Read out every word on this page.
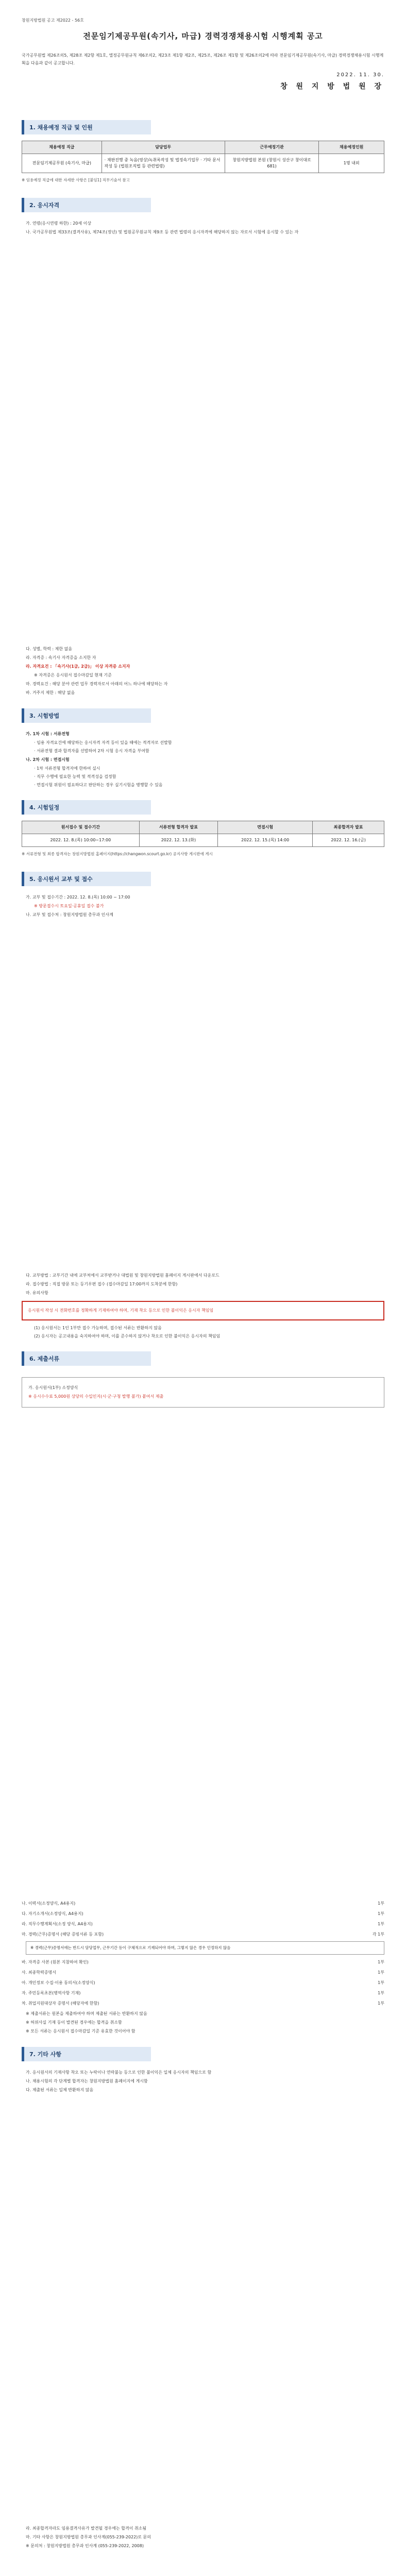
창원지방법원 공고 제2022 - 56호
전문임기제공무원(속기사, 마급) 경력경쟁채용시험 시행계획 공고
국가공무원법 제26조의5, 제28조 제2항 제1호, 엘정공무원규칙 제6조의2, 제23조 제1항 제2조, 제25조, 제26조 제1항 및 제26조의2에 따라 전문임기제공무원(속기사, 마급) 경력경쟁채용시험 시행계획을 다음과 같이 공고합니다.
2022. 11. 30.
창 원 지 방 법 원 장
1. 채용예정 직급 및 인원
채용예정 직급	담당업무	근무예정기관	채용예정인원
전문임기제공무원 (속기사, 마급)	· 재판진행 중 녹음(영상)녹취록작성 및 법정속기업무 · 기타 문서작성 등 (법원조직법 등 관련법령)	창원지방법원 본원 (창원시 성산구 창이대로 681)	1명 내외
※ 임용예정 직급에 대한 자세한 사항은 [붙임1] 직무기술서 참고
2. 응시자격
가. 연령(응시연령 하한) : 20세 이상
나. 국가공무원법 제33조(결격사유), 제74조(정년) 및 법원공무원규칙 제9조 등 관련 법령의 응시자격에 해당하지 않는 자로서 시험에 응시할 수 있는 자
다. 성별, 학력 : 제한 없음
라. 자격증 : 속기사 자격증을 소지한 자
라. 자격요건 : 「속기사(1급, 2급)」 이상 자격증 소지자
※ 자격증은 응시원서 접수마감일 현재 기준
마. 경력요건 : 해당 분야 관련 업무 경력자로서 아래의 어느 하나에 해당하는 자
바. 거주지 제한 : 해당 없음
3. 시험방법
가. 1차 시험 : 서류전형
· 임용 자격요건에 해당하는 응시자격 자격 등이 있을 때에는 적격자로 선발함
· 서류전형 결과 합격자를 선발하여 2차 시험 응시 자격을 부여함
나. 2차 시험 : 면접시험
· 1차 서류전형 합격자에 한하여 실시
· 직무 수행에 필요한 능력 및 적격성을 검정함
· 면접시험 위원이 필요하다고 판단하는 경우 실기시험을 병행할 수 있음
4. 시험일정
원서접수 및 접수기간	서류전형 합격자 발표	면접시험	최종합격자 발표
2022. 12. 8.(목) 10:00~17:00	2022. 12. 13.(화)	2022. 12. 15.(목) 14:00	2022. 12. 16.(금)
※ 서류전형 및 최종 합격자는 창원지방법원 홈페이지(https://changwon.scourt.go.kr) 공지사항 게시판에 게시
5. 응시원서 교부 및 접수
가. 교부 및 접수기간 : 2022. 12. 8.(목) 10:00 ~ 17:00
※ 방문접수시 토요일·공휴일 접수 불가
나. 교부 및 접수처 : 창원지방법원 총무과 인사계
다. 교부방법 : 교부기간 내에 교부처에서 교부받거나 대법원 및 창원지방법원 홈페이지 게시판에서 다운로드
라. 접수방법 : 직접 방문 또는 등기우편 접수 (접수마감일 17:00까지 도착분에 한함)
마. 유의사항
응시원서 작성 시 전화번호를 정확하게 기재하여야 하며, 기재 착오 등으로 인한 불이익은 응시자 책임임
(1) 응시원서는 1인 1부만 접수 가능하며, 접수된 서류는 반환하지 않음
(2) 응시자는 공고내용을 숙지하여야 하며, 이를 준수하지 않거나 착오로 인한 불이익은 응시자의 책임임
6. 제출서류
가. 응시원서(1부) 소정양식
※ 응시수수료 5,000원 상당의 수입인지(시·군·구청 발행 불가) 붙여서 제출
나. 이력서(소정양식, A4용지)	1부
다. 자기소개서(소정양식, A4용지)	1부
라. 직무수행계획서(소정 양식, A4용지)	1부
마. 경력(근무)증명서 (해당 증빙서류 등 포함)	각 1부
※ 경력(근무)증명서에는 반드시 담당업무, 근무기간 등이 구체적으로 기재되어야 하며, 그렇지 않은 경우 인정하지 않음
바. 자격증 사본 (원본 지참하여 확인)	1부
사. 최종학력증명서	1부
아. 개인정보 수집·이용 동의서(소정양식)	1부
자. 주민등록초본(병역사항 기재)	1부
차. 취업지원대상자 증명서 (해당자에 한함)	1부
※ 제출서류는 원본을 제출하여야 하며 제출된 서류는 반환하지 않음
※ 허위사실 기재 등이 발견된 경우에는 합격을 취소함
※ 모든 서류는 응시원서 접수마감일 기준 유효한 것이어야 함
7. 기타 사항
가. 응시원서의 기재사항 착오 또는 누락이나 연락불능 등으로 인한 불이익은 일체 응시자의 책임으로 함
나. 채용시험의 각 단계별 합격자는 창원지방법원 홈페이지에 게시함
다. 제출된 서류는 일체 반환하지 않음
라. 최종합격자라도 임용결격사유가 발견될 경우에는 합격이 취소됨
마. 기타 사항은 창원지방법원 총무과 인사계(055-239-2022)로 문의
※ 문의처 : 창원지방법원 총무과 인사계 (055-239-2022, 2008)
